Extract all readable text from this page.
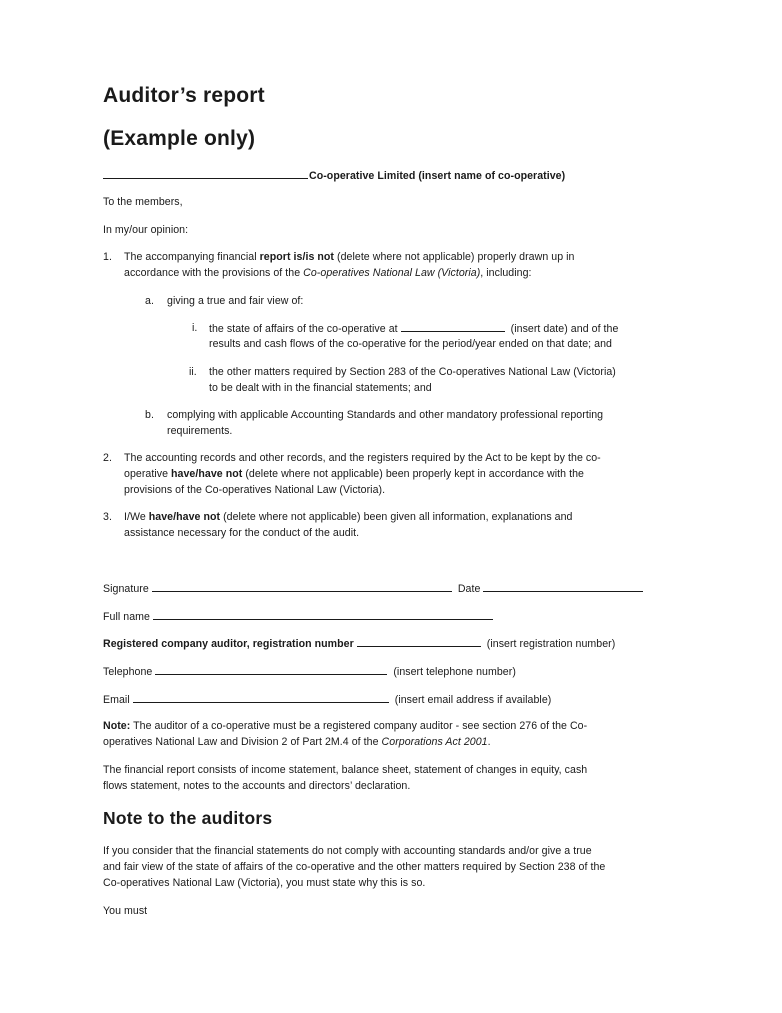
Auditor’s report
(Example only)
Co-operative Limited (insert name of co-operative)
To the members,
In my/our opinion:
1. The accompanying financial report is/is not (delete where not applicable) properly drawn up in
accordance with the provisions of the Co-operatives National Law (Victoria), including:
a. giving a true and fair view of:
i. the state of affairs of the co-operative at	(insert date) and of the
results and cash flows of the co-operative for the period/year ended on that date; and
ii. the other matters required by Section 283 of the Co-operatives National Law (Victoria)
to be dealt with in the financial statements; and
b. complying with applicable Accounting Standards and other mandatory professional reporting
requirements.
2. The accounting records and other records, and the registers required by the Act to be kept by the co-
operative have/have not (delete where not applicable) been properly kept in accordance with the
provisions of the Co-operatives National Law (Victoria).
3. I/We have/have not (delete where not applicable) been given all information, explanations and
assistance necessary for the conduct of the audit.
Signature	Date
Full name
Registered company auditor, registration number	(insert registration number)
Telephone	(insert telephone number)
Email	(insert email address if available)
Note: The auditor of a co-operative must be a registered company auditor - see section 276 of the Co-
operatives National Law and Division 2 of Part 2M.4 of the Corporations Act 2001.
The financial report consists of income statement, balance sheet, statement of changes in equity, cash
flows statement, notes to the accounts and directors’ declaration.
Note to the auditors
If you consider that the financial statements do not comply with accounting standards and/or give a true
and fair view of the state of affairs of the co-operative and the other matters required by Section 238 of the
Co-operatives National Law (Victoria), you must state why this is so.
You must
